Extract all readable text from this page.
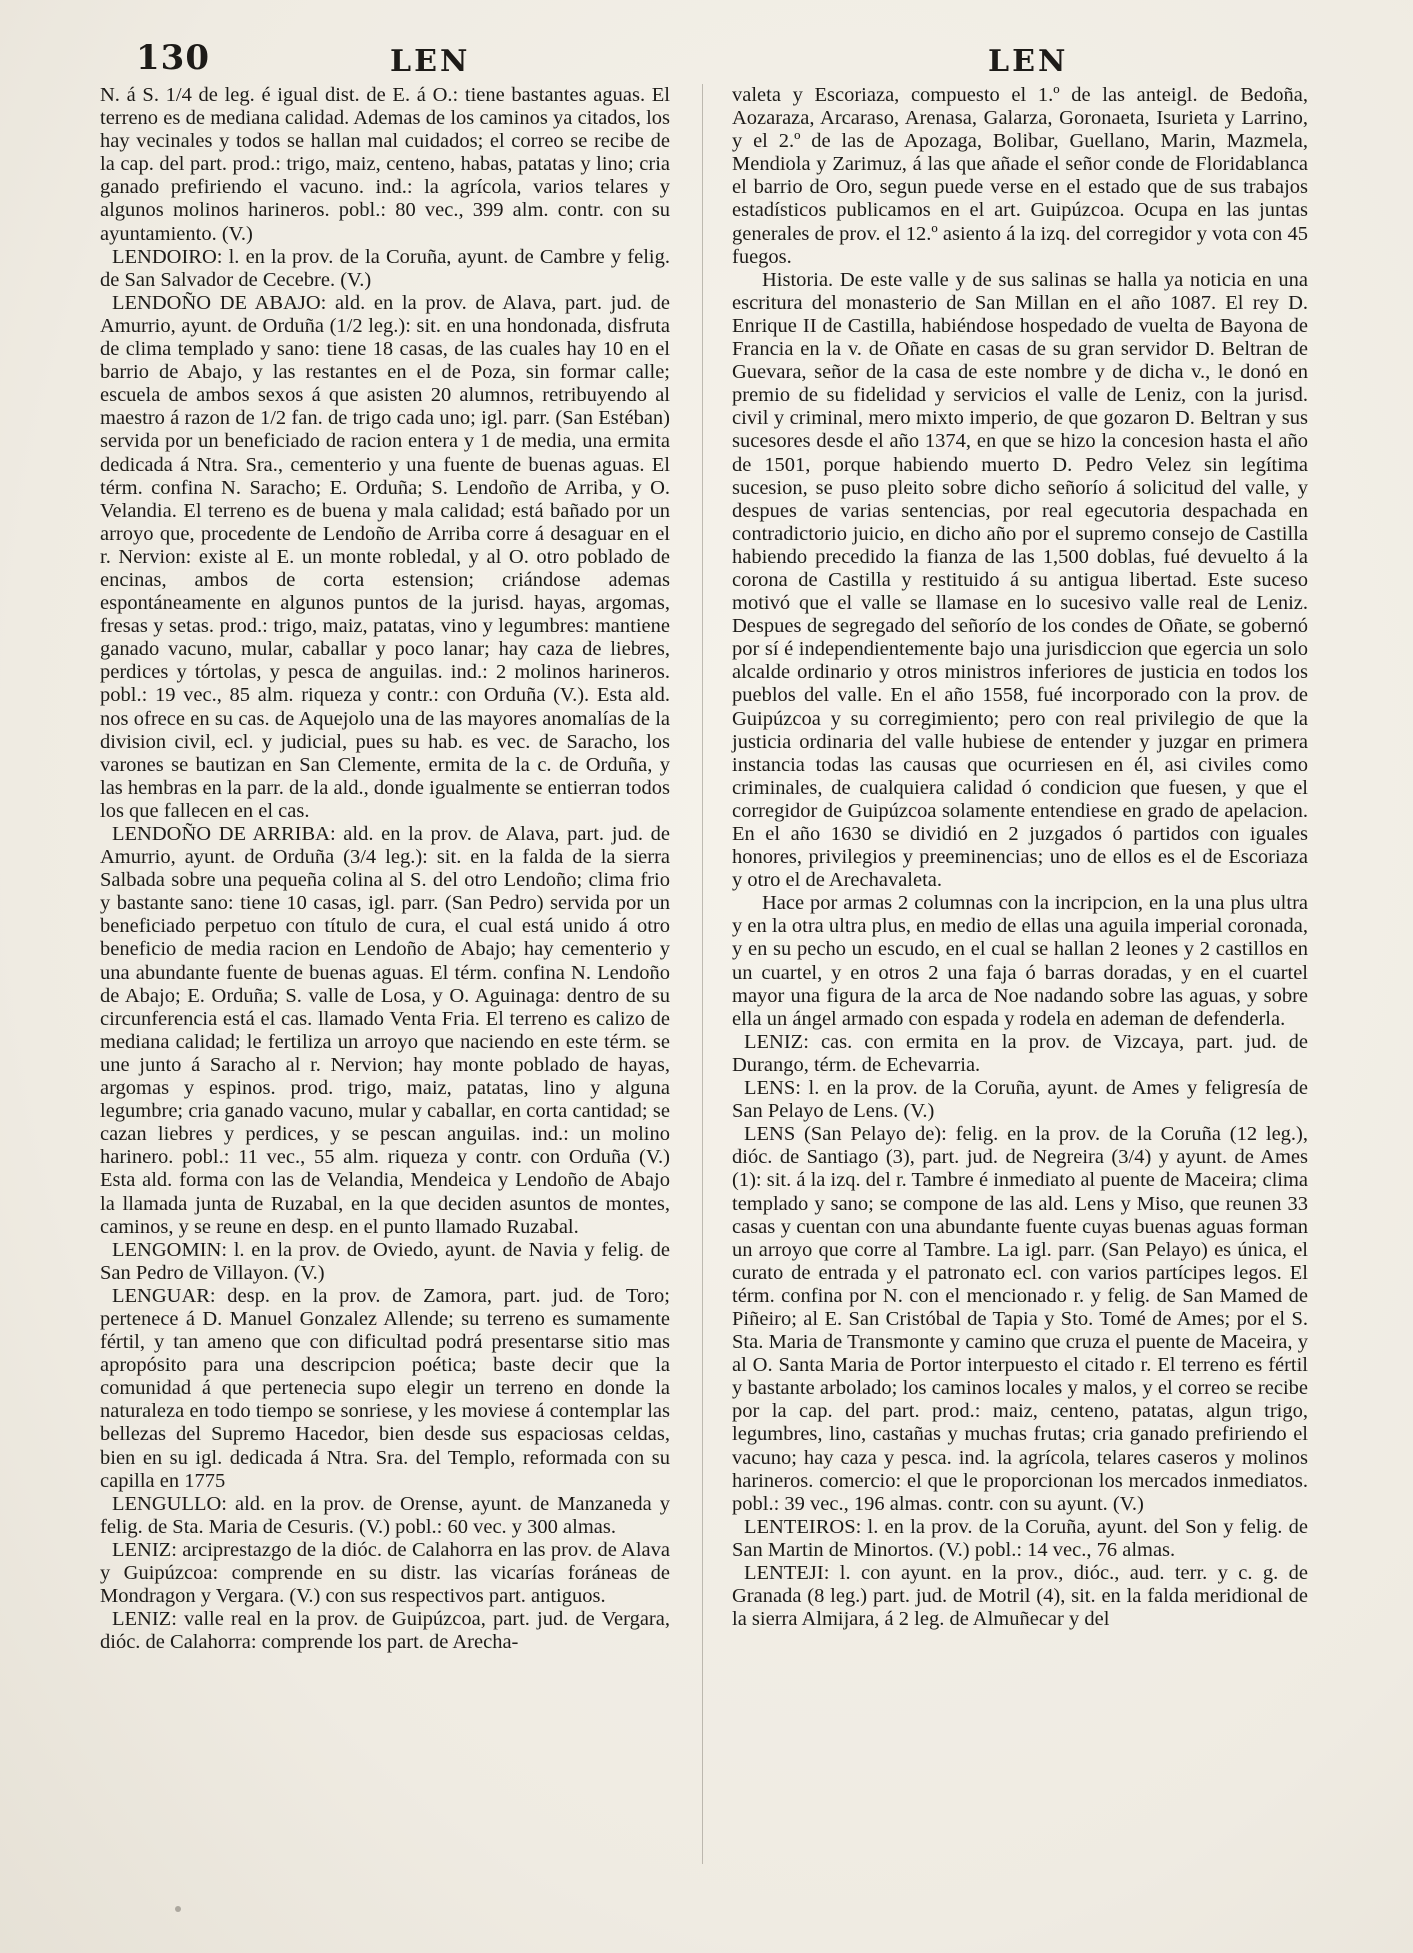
130	LEN	LEN

N. á S. 1/4 de leg. é igual dist. de E. á O.: tiene bastantes aguas. El terreno es de mediana calidad. Ademas de los caminos ya citados, los hay vecinales y todos se hallan mal cuidados; el correo se recibe de la cap. del part. prod.: trigo, maiz, centeno, habas, patatas y lino; cria ganado prefiriendo el vacuno. ind.: la agrícola, varios telares y algunos molinos harineros. pobl.: 80 vec., 399 alm. contr. con su ayuntamiento. (V.)

LENDOIRO: l. en la prov. de la Coruña, ayunt. de Cambre y felig. de San Salvador de Cecebre. (V.)

LENDOÑO DE ABAJO: ald. en la prov. de Alava, part. jud. de Amurrio, ayunt. de Orduña (1/2 leg.): sit. en una hondonada, disfruta de clima templado y sano: tiene 18 casas, de las cuales hay 10 en el barrio de Abajo, y las restantes en el de Poza, sin formar calle; escuela de ambos sexos á que asisten 20 alumnos, retribuyendo al maestro á razon de 1/2 fan. de trigo cada uno; igl. parr. (San Estéban) servida por un beneficiado de racion entera y 1 de media, una ermita dedicada á Ntra. Sra., cementerio y una fuente de buenas aguas. El térm. confina N. Saracho; E. Orduña; S. Lendoño de Arriba, y O. Velandia. El terreno es de buena y mala calidad; está bañado por un arroyo que, procedente de Lendoño de Arriba corre á desaguar en el r. Nervion: existe al E. un monte robledal, y al O. otro poblado de encinas, ambos de corta estension; criándose ademas espontáneamente en algunos puntos de la jurisd. hayas, argomas, fresas y setas. prod.: trigo, maiz, patatas, vino y legumbres: mantiene ganado vacuno, mular, caballar y poco lanar; hay caza de liebres, perdices y tórtolas, y pesca de anguilas. ind.: 2 molinos harineros. pobl.: 19 vec., 85 alm. riqueza y contr.: con Orduña (V.). Esta ald. nos ofrece en su cas. de Aquejolo una de las mayores anomalías de la division civil, ecl. y judicial, pues su hab. es vec. de Saracho, los varones se bautizan en San Clemente, ermita de la c. de Orduña, y las hembras en la parr. de la ald., donde igualmente se entierran todos los que fallecen en el cas.

LENDOÑO DE ARRIBA: ald. en la prov. de Alava, part. jud. de Amurrio, ayunt. de Orduña (3/4 leg.): sit. en la falda de la sierra Salbada sobre una pequeña colina al S. del otro Lendoño; clima frio y bastante sano: tiene 10 casas, igl. parr. (San Pedro) servida por un beneficiado perpetuo con título de cura, el cual está unido á otro beneficio de media racion en Lendoño de Abajo; hay cementerio y una abundante fuente de buenas aguas. El térm. confina N. Lendoño de Abajo; E. Orduña; S. valle de Losa, y O. Aguinaga: dentro de su circunferencia está el cas. llamado Venta Fria. El terreno es calizo de mediana calidad; le fertiliza un arroyo que naciendo en este térm. se une junto á Saracho al r. Nervion; hay monte poblado de hayas, argomas y espinos. prod. trigo, maiz, patatas, lino y alguna legumbre; cria ganado vacuno, mular y caballar, en corta cantidad; se cazan liebres y perdices, y se pescan anguilas. ind.: un molino harinero. pobl.: 11 vec., 55 alm. riqueza y contr. con Orduña (V.) Esta ald. forma con las de Velandia, Mendeica y Lendoño de Abajo la llamada junta de Ruzabal, en la que deciden asuntos de montes, caminos, y se reune en desp. en el punto llamado Ruzabal.

LENGOMIN: l. en la prov. de Oviedo, ayunt. de Navia y felig. de San Pedro de Villayon. (V.)

LENGUAR: desp. en la prov. de Zamora, part. jud. de Toro; pertenece á D. Manuel Gonzalez Allende; su terreno es sumamente fértil, y tan ameno que con dificultad podrá presentarse sitio mas apropósito para una descripcion poética; baste decir que la comunidad á que pertenecia supo elegir un terreno en donde la naturaleza en todo tiempo se sonriese, y les moviese á contemplar las bellezas del Supremo Hacedor, bien desde sus espaciosas celdas, bien en su igl. dedicada á Ntra. Sra. del Templo, reformada con su capilla en 1775

LENGULLO: ald. en la prov. de Orense, ayunt. de Manzaneda y felig. de Sta. Maria de Cesuris. (V.) pobl.: 60 vec. y 300 almas.

LENIZ: arciprestazgo de la dióc. de Calahorra en las prov. de Alava y Guipúzcoa: comprende en su distr. las vicarías foráneas de Mondragon y Vergara. (V.) con sus respectivos part. antiguos.

LENIZ: valle real en la prov. de Guipúzcoa, part. jud. de Vergara, dióc. de Calahorra: comprende los part. de Arecha-

valeta y Escoriaza, compuesto el 1.º de las anteigl. de Bedoña, Aozaraza, Arcaraso, Arenasa, Galarza, Goronaeta, Isurieta y Larrino, y el 2.º de las de Apozaga, Bolibar, Guellano, Marin, Mazmela, Mendiola y Zarimuz, á las que añade el señor conde de Floridablanca el barrio de Oro, segun puede verse en el estado que de sus trabajos estadísticos publicamos en el art. Guipúzcoa. Ocupa en las juntas generales de prov. el 12.º asiento á la izq. del corregidor y vota con 45 fuegos.

Historia. De este valle y de sus salinas se halla ya noticia en una escritura del monasterio de San Millan en el año 1087. El rey D. Enrique II de Castilla, habiéndose hospedado de vuelta de Bayona de Francia en la v. de Oñate en casas de su gran servidor D. Beltran de Guevara, señor de la casa de este nombre y de dicha v., le donó en premio de su fidelidad y servicios el valle de Leniz, con la jurisd. civil y criminal, mero mixto imperio, de que gozaron D. Beltran y sus sucesores desde el año 1374, en que se hizo la concesion hasta el año de 1501, porque habiendo muerto D. Pedro Velez sin legítima sucesion, se puso pleito sobre dicho señorío á solicitud del valle, y despues de varias sentencias, por real egecutoria despachada en contradictorio juicio, en dicho año por el supremo consejo de Castilla habiendo precedido la fianza de las 1,500 doblas, fué devuelto á la corona de Castilla y restituido á su antigua libertad. Este suceso motivó que el valle se llamase en lo sucesivo valle real de Leniz. Despues de segregado del señorío de los condes de Oñate, se gobernó por sí é independientemente bajo una jurisdiccion que egercia un solo alcalde ordinario y otros ministros inferiores de justicia en todos los pueblos del valle. En el año 1558, fué incorporado con la prov. de Guipúzcoa y su corregimiento; pero con real privilegio de que la justicia ordinaria del valle hubiese de entender y juzgar en primera instancia todas las causas que ocurriesen en él, asi civiles como criminales, de cualquiera calidad ó condicion que fuesen, y que el corregidor de Guipúzcoa solamente entendiese en grado de apelacion. En el año 1630 se dividió en 2 juzgados ó partidos con iguales honores, privilegios y preeminencias; uno de ellos es el de Escoriaza y otro el de Arechavaleta.

Hace por armas 2 columnas con la incripcion, en la una plus ultra y en la otra ultra plus, en medio de ellas una aguila imperial coronada, y en su pecho un escudo, en el cual se hallan 2 leones y 2 castillos en un cuartel, y en otros 2 una faja ó barras doradas, y en el cuartel mayor una figura de la arca de Noe nadando sobre las aguas, y sobre ella un ángel armado con espada y rodela en ademan de defenderla.

LENIZ: cas. con ermita en la prov. de Vizcaya, part. jud. de Durango, térm. de Echevarria.

LENS: l. en la prov. de la Coruña, ayunt. de Ames y feligresía de San Pelayo de Lens. (V.)

LENS (San Pelayo de): felig. en la prov. de la Coruña (12 leg.), dióc. de Santiago (3), part. jud. de Negreira (3/4) y ayunt. de Ames (1): sit. á la izq. del r. Tambre é inmediato al puente de Maceira; clima templado y sano; se compone de las ald. Lens y Miso, que reunen 33 casas y cuentan con una abundante fuente cuyas buenas aguas forman un arroyo que corre al Tambre. La igl. parr. (San Pelayo) es única, el curato de entrada y el patronato ecl. con varios partícipes legos. El térm. confina por N. con el mencionado r. y felig. de San Mamed de Piñeiro; al E. San Cristóbal de Tapia y Sto. Tomé de Ames; por el S. Sta. Maria de Transmonte y camino que cruza el puente de Maceira, y al O. Santa Maria de Portor interpuesto el citado r. El terreno es fértil y bastante arbolado; los caminos locales y malos, y el correo se recibe por la cap. del part. prod.: maiz, centeno, patatas, algun trigo, legumbres, lino, castañas y muchas frutas; cria ganado prefiriendo el vacuno; hay caza y pesca. ind. la agrícola, telares caseros y molinos harineros. comercio: el que le proporcionan los mercados inmediatos. pobl.: 39 vec., 196 almas. contr. con su ayunt. (V.)

LENTEIROS: l. en la prov. de la Coruña, ayunt. del Son y felig. de San Martin de Minortos. (V.) pobl.: 14 vec., 76 almas.

LENTEJI: l. con ayunt. en la prov., dióc., aud. terr. y c. g. de Granada (8 leg.) part. jud. de Motril (4), sit. en la falda meridional de la sierra Almijara, á 2 leg. de Almuñecar y del
